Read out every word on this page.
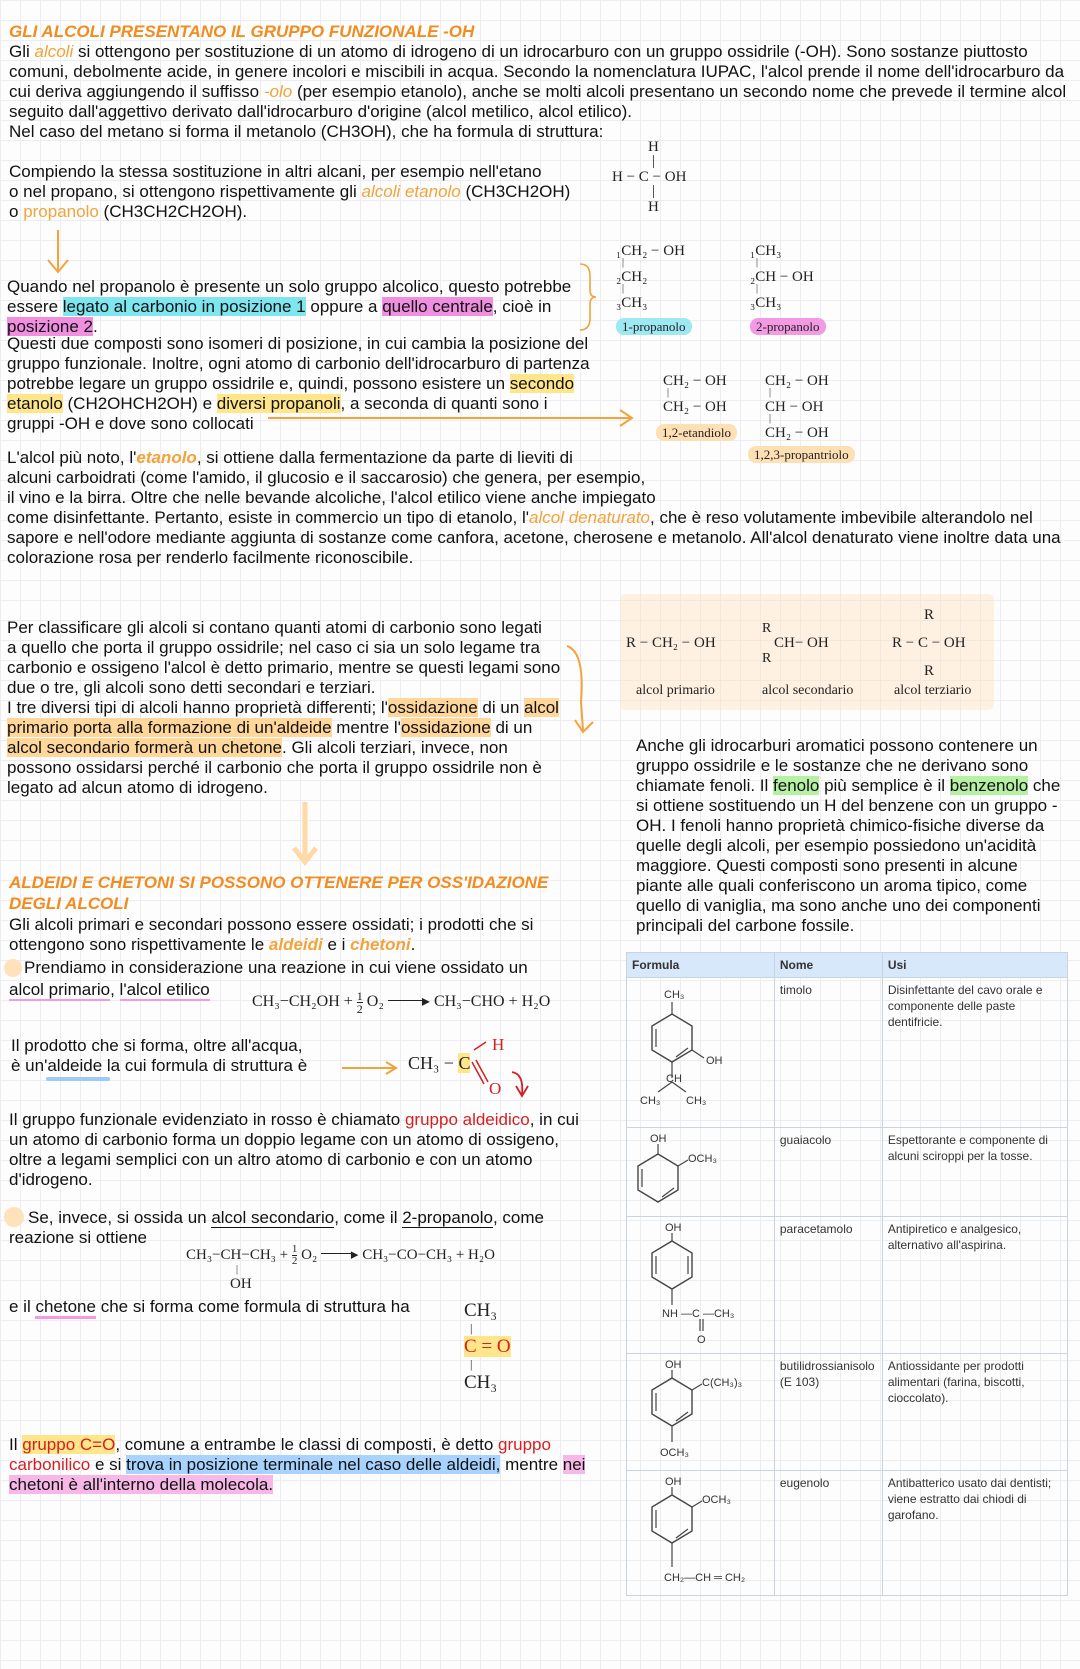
GLI ALCOLI PRESENTANO IL GRUPPO FUNZIONALE -OH
Gli alcoli si ottengono per sostituzione di un atomo di idrogeno di un idrocarburo con un gruppo ossidrile (-OH). Sono sostanze piuttosto comuni, debolmente acide, in genere incolori e miscibili in acqua. Secondo la nomenclatura IUPAC, l'alcol prende il nome dell'idrocarburo da cui deriva aggiungendo il suffisso -olo (per esempio etanolo), anche se molti alcoli presentano un secondo nome che prevede il termine alcol seguito dall'aggettivo derivato dall'idrocarburo d'origine (alcol metilico, alcol etilico).
Nel caso del metano si forma il metanolo (CH3OH), che ha formula di struttura:
Compiendo la stessa sostituzione in altri alcani, per esempio nell'etano
o nel propano, si ottengono rispettivamente gli alcoli etanolo (CH3CH2OH)
o propanolo (CH3CH2CH2OH).
H
|
H − C − OH
|
H
Quando nel propanolo è presente un solo gruppo alcolico, questo potrebbe
essere legato al carbonio in posizione 1 oppure a quello centrale, cioè in
posizione 2.
Questi due composti sono isomeri di posizione, in cui cambia la posizione del gruppo funzionale. Inoltre, ogni atomo di carbonio dell'idrocarburo di partenza potrebbe legare un gruppo ossidrile e, quindi, possono esistere un secondo etanolo (CH2OHCH2OH) e diversi propanoli, a seconda di quanti sono i gruppi -OH e dove sono collocati
₁CH₂ − OH
|
₂CH₂
|
₃CH₃
1-propanolo
₁CH₃
|
₂CH − OH
|
₃CH₃
2-propanolo
CH₂ − OH
|
CH₂ − OH
1,2-etandiolo
CH₂ − OH
|
CH − OH
|
CH₂ − OH
1,2,3-propantriolo
L'alcol più noto, l'etanolo, si ottiene dalla fermentazione da parte di lieviti di
alcuni carboidrati (come l'amido, il glucosio e il saccarosio) che genera, per esempio,
il vino e la birra. Oltre che nelle bevande alcoliche, l'alcol etilico viene anche impiegato
come disinfettante. Pertanto, esiste in commercio un tipo di etanolo, l'alcol denaturato, che è reso volutamente imbevibile alterandolo nel sapore e nell'odore mediante aggiunta di sostanze come canfora, acetone, cherosene e metanolo. All'alcol denaturato viene inoltre data una colorazione rosa per renderlo facilmente riconoscibile.
Per classificare gli alcoli si contano quanti atomi di carbonio sono legati
a quello che porta il gruppo ossidrile; nel caso ci sia un solo legame tra carbonio e ossigeno l'alcol è detto primario, mentre se questi legami sono due o tre, gli alcoli sono detti secondari e terziari.
I tre diversi tipi di alcoli hanno proprietà differenti; l'ossidazione di un alcol primario porta alla formazione di un'aldeide mentre l'ossidazione di un alcol secondario formerà un chetone. Gli alcoli terziari, invece, non possono ossidarsi perché il carbonio che porta il gruppo ossidrile non è legato ad alcun atomo di idrogeno.
R − CH₂ − OH
alcol primario
R
CH− OH
R
alcol secondario
R
R − C − OH
R
alcol terziario
Anche gli idrocarburi aromatici possono contenere un gruppo ossidrile e le sostanze che ne derivano sono chiamate fenoli. Il fenolo più semplice è il benzenolo che si ottiene sostituendo un H del benzene con un gruppo -OH. I fenoli hanno proprietà chimico-fisiche diverse da quelle degli alcoli, per esempio possiedono un'acidità maggiore. Questi composti sono presenti in alcune piante alle quali conferiscono un aroma tipico, come quello di vaniglia, ma sono anche uno dei componenti principali del carbone fossile.
Formula	Nome	Usi

CH₃
OH
CH
CH₃ CH₃	timolo	Disinfettante del cavo orale e componente delle paste dentifricie.

OH
OCH₃	guaiacolo	Espettorante e componente di alcuni sciroppi per la tosse.

OH
NH —C —CH₃
O	paracetamolo	Antipiretico e analgesico, alternativo all'aspirina.

OH
C(CH₃)₃
OCH₃	butilidrossianisolo (E 103)	Antiossidante per prodotti alimentari (farina, biscotti, cioccolato).

OH
OCH₃
CH₂—CH ═ CH₂	eugenolo	Antibatterico usato dai dentisti; viene estratto dai chiodi di garofano.
ALDEIDI E CHETONI SI POSSONO OTTENERE PER OSS'IDAZIONE
DEGLI ALCOLI
Gli alcoli primari e secondari possono essere ossidati; i prodotti che si
ottengono sono rispettivamente le aldeidi e i chetoni.
Prendiamo in considerazione una reazione in cui viene ossidato un
alcol primario, l'alcol etilico
$CH_3-CH_2OH + \frac{1}{2} O_2$ ▸ CH₃−CHO + H₂O
Il prodotto che si forma, oltre all'acqua,
è un'aldeide la cui formula di struttura è	CH₃ − C
H
O
Il gruppo funzionale evidenziato in rosso è chiamato gruppo aldeidico, in cui un atomo di carbonio forma un doppio legame con un atomo di ossigeno, oltre a legami semplici con un altro atomo di carbonio e con un atomo d'idrogeno.
Se, invece, si ossida un alcol secondario, come il 2-propanolo, come
reazione si ottiene
$CH_3-CH-CH_3 + \frac{1}{2} O_2$ ▸ CH₃−CO−CH₃ + H₂O
|
OH
e il chetone che si forma come formula di struttura ha	CH₃
|
C = O
|
CH₃
Il gruppo C=O, comune a entrambe le classi di composti, è detto gruppo carbonilico e si trova in posizione terminale nel caso delle aldeidi, mentre nei chetoni è all'interno della molecola.
